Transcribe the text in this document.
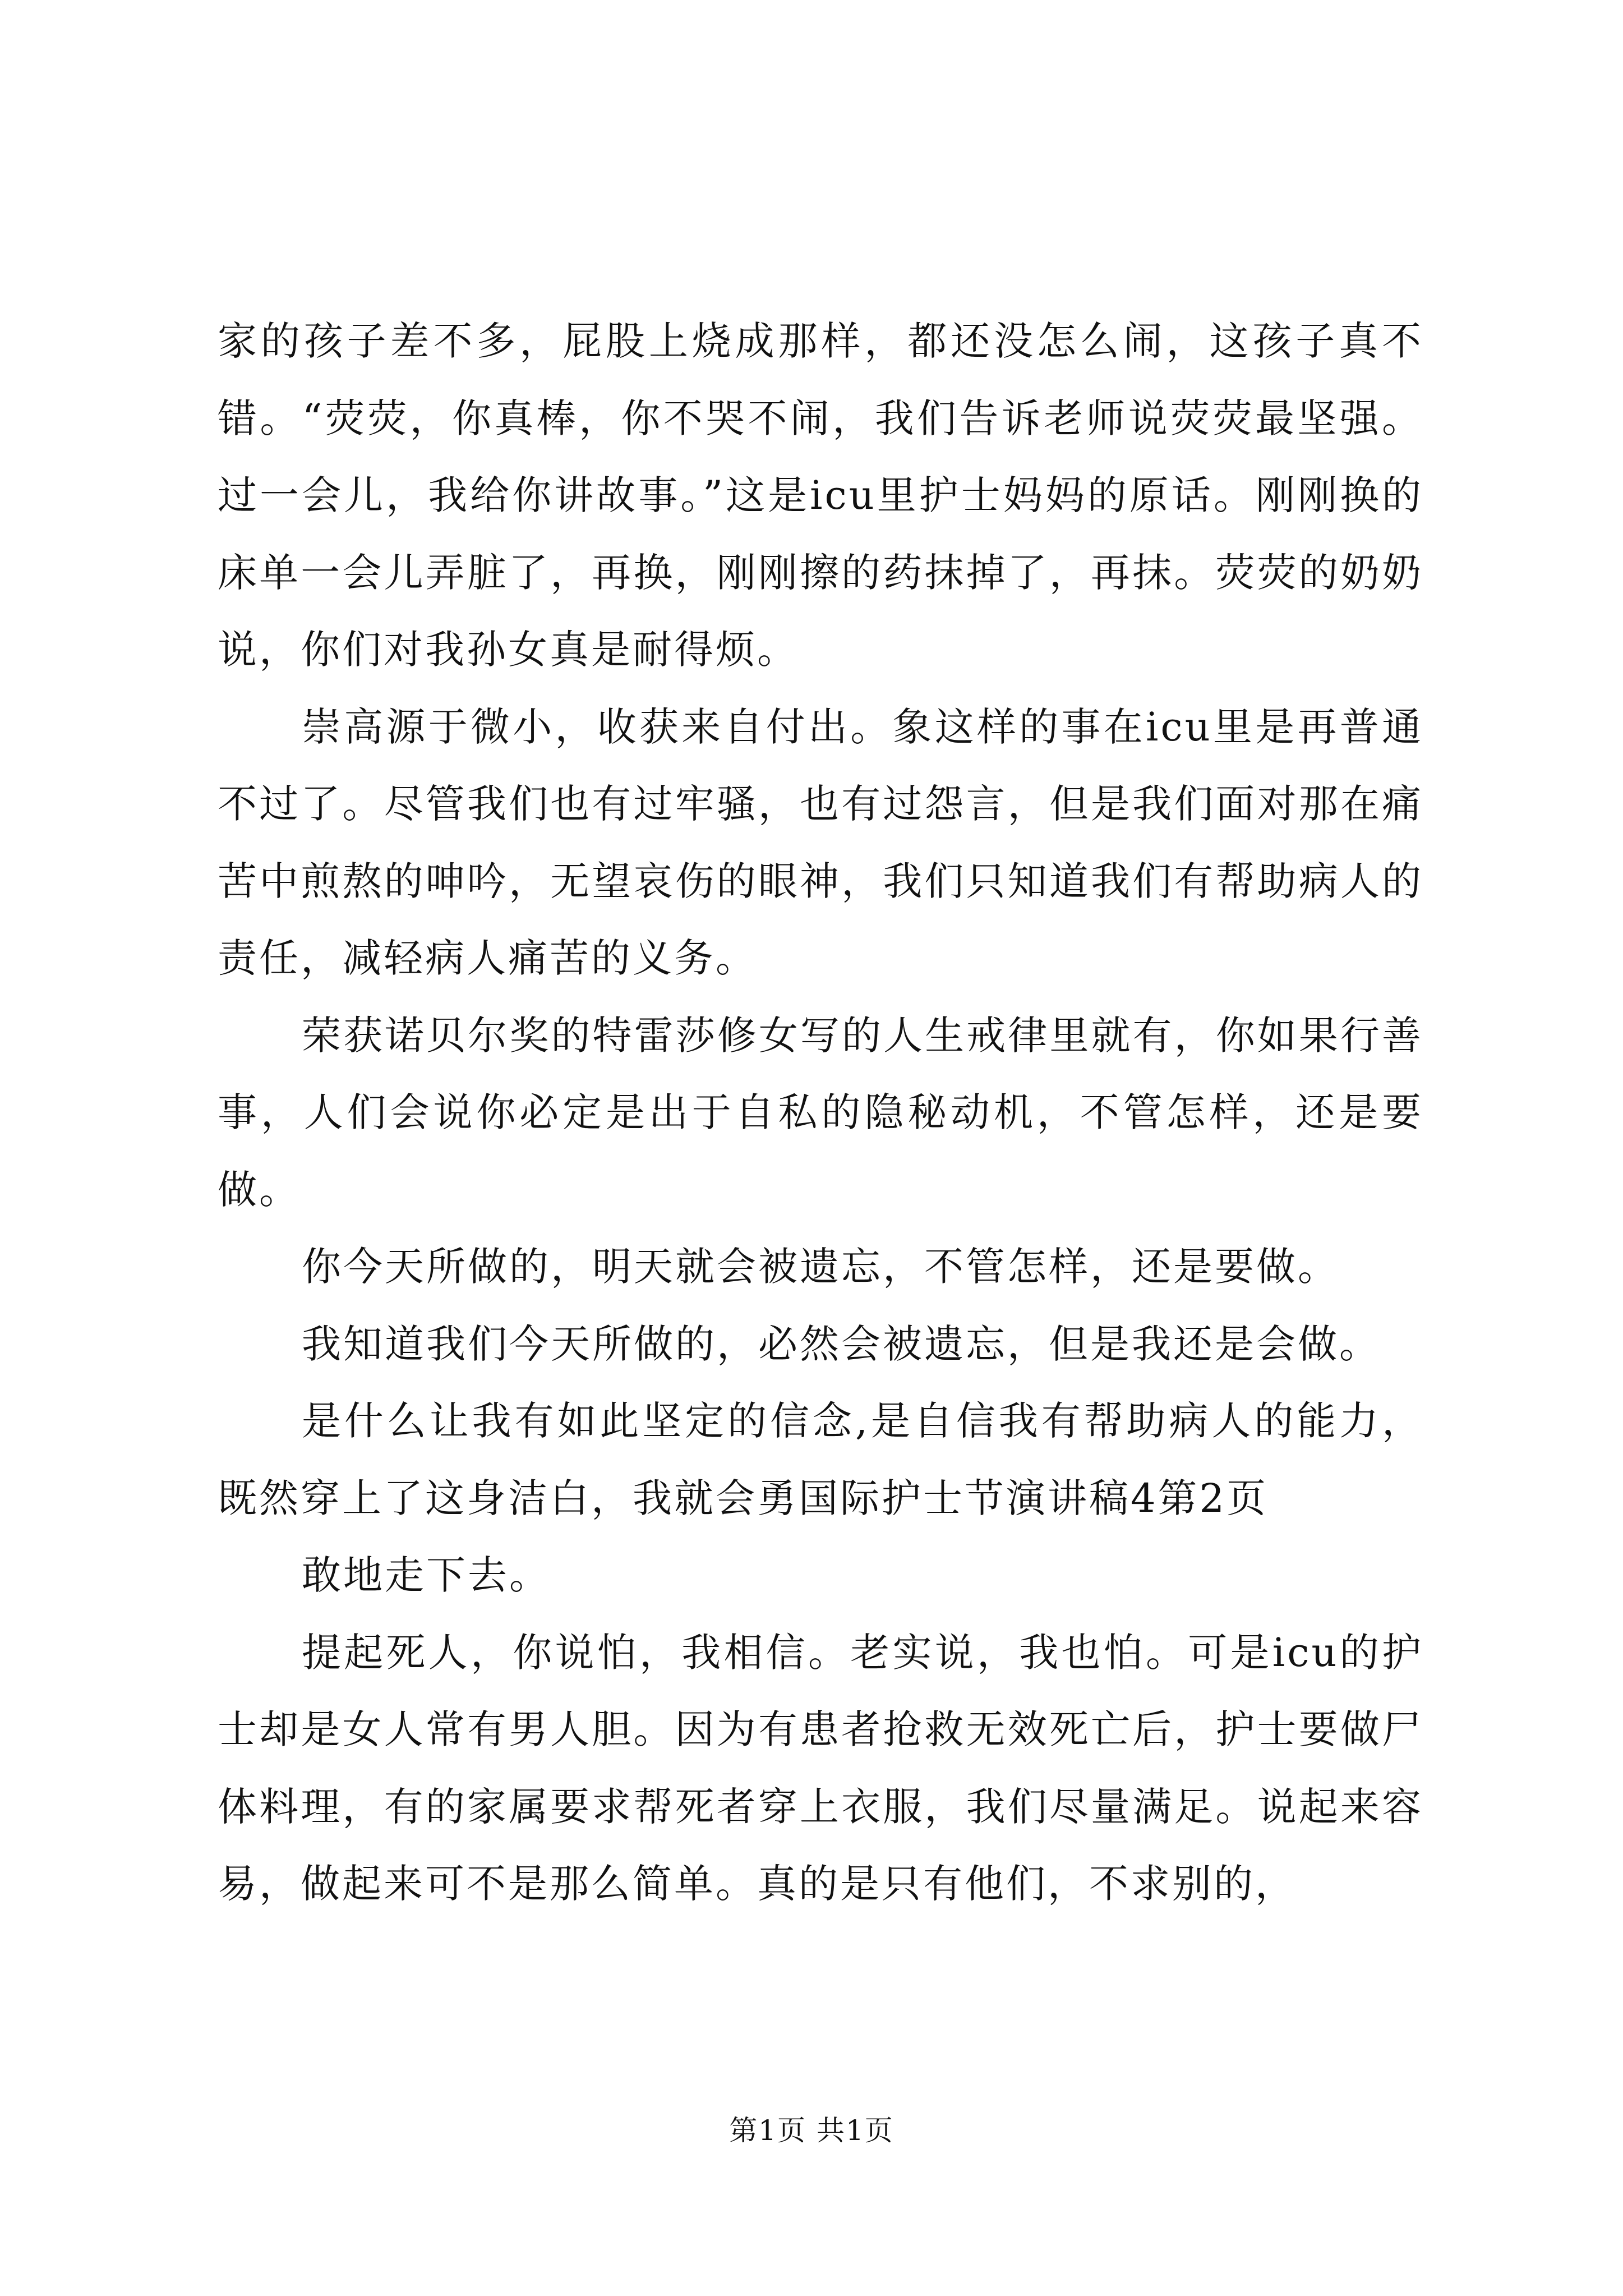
家的孩子差不多，屁股上烧成那样，都还没怎么闹，这孩子真不错。“荧荧，你真棒，你不哭不闹，我们告诉老师说荧荧最坚强。过一会儿，我给你讲故事。”这是icu里护士妈妈的原话。刚刚换的床单一会儿弄脏了，再换，刚刚擦的药抹掉了，再抹。荧荧的奶奶说，你们对我孙女真是耐得烦。

崇高源于微小，收获来自付出。象这样的事在icu里是再普通不过了。尽管我们也有过牢骚，也有过怨言，但是我们面对那在痛苦中煎熬的呻吟，无望哀伤的眼神，我们只知道我们有帮助病人的责任，减轻病人痛苦的义务。

荣获诺贝尔奖的特雷莎修女写的人生戒律里就有，你如果行善事，人们会说你必定是出于自私的隐秘动机，不管怎样，还是要做。

你今天所做的，明天就会被遗忘，不管怎样，还是要做。

我知道我们今天所做的，必然会被遗忘，但是我还是会做。

是什么让我有如此坚定的信念,是自信我有帮助病人的能力，既然穿上了这身洁白，我就会勇国际护士节演讲稿4第2页

敢地走下去。

提起死人，你说怕，我相信。老实说，我也怕。可是icu的护士却是女人常有男人胆。因为有患者抢救无效死亡后，护士要做尸体料理，有的家属要求帮死者穿上衣服，我们尽量满足。说起来容易，做起来可不是那么简单。真的是只有他们，不求别的，

第1页 共1页
